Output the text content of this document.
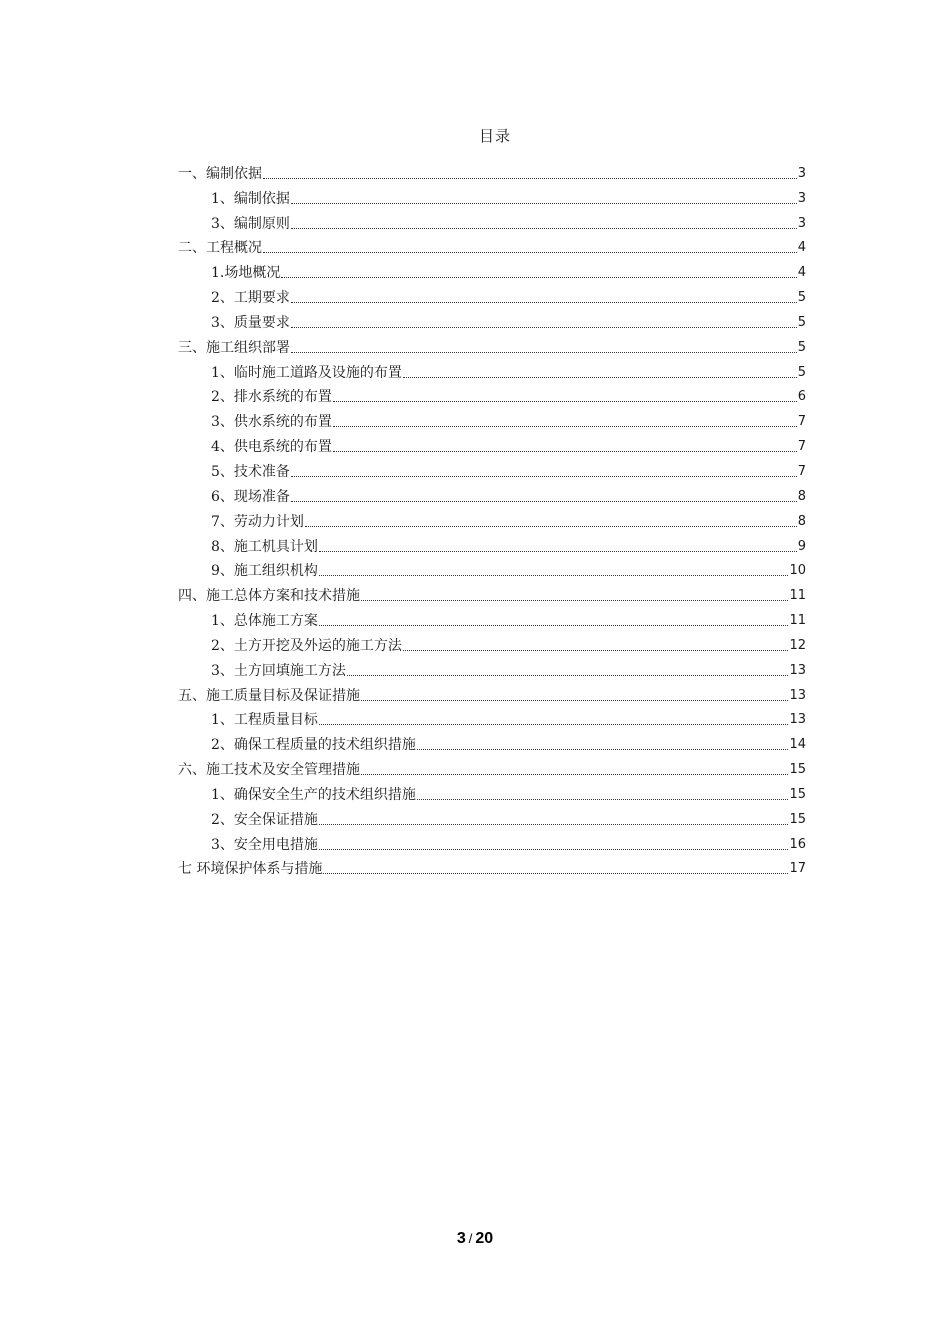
目录
一、编制依据	3
1、编制依据	3
3、编制原则	3
二、工程概况	4
1.场地概况	4
2、工期要求	5
3、质量要求	5
三、施工组织部署	5
1、临时施工道路及设施的布置	5
2、排水系统的布置	6
3、供水系统的布置	7
4、供电系统的布置	7
5、技术准备	7
6、现场准备	8
7、劳动力计划	8
8、施工机具计划	9
9、施工组织机构	10
四、施工总体方案和技术措施	11
1、总体施工方案	11
2、土方开挖及外运的施工方法	12
3、土方回填施工方法	13
五、施工质量目标及保证措施	13
1、工程质量目标	13
2、确保工程质量的技术组织措施	14
六、施工技术及安全管理措施	15
1、确保安全生产的技术组织措施	15
2、安全保证措施	15
3、安全用电措施	16
七 环境保护体系与措施	17
3 / 20
